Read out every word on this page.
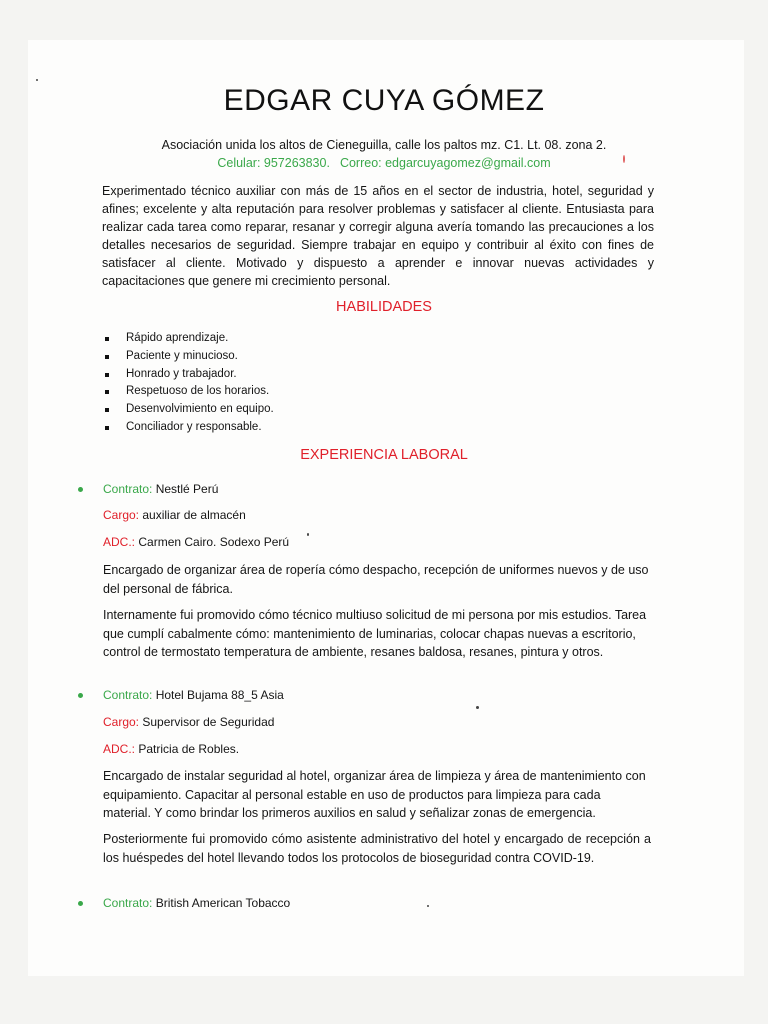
EDGAR CUYA GÓMEZ
Asociación unida los altos de Cieneguilla, calle los paltos mz. C1. Lt. 08. zona 2.
Celular: 957263830. Correo: edgarcuyagomez@gmail.com
Experimentado técnico auxiliar con más de 15 años en el sector de industria, hotel, seguridad y afines; excelente y alta reputación para resolver problemas y satisfacer al cliente. Entusiasta para realizar cada tarea como reparar, resanar y corregir alguna avería tomando las precauciones a los detalles necesarios de seguridad. Siempre trabajar en equipo y contribuir al éxito con fines de satisfacer al cliente. Motivado y dispuesto a aprender e innovar nuevas actividades y capacitaciones que genere mi crecimiento personal.
HABILIDADES
Rápido aprendizaje.
Paciente y minucioso.
Honrado y trabajador.
Respetuoso de los horarios.
Desenvolvimiento en equipo.
Conciliador y responsable.
EXPERIENCIA LABORAL
Contrato: Nestlé Perú
Cargo: auxiliar de almacén
ADC.: Carmen Cairo. Sodexo Perú
Encargado de organizar área de ropería cómo despacho, recepción de uniformes nuevos y de uso del personal de fábrica.
Internamente fui promovido cómo técnico multiuso solicitud de mi persona por mis estudios. Tarea que cumplí cabalmente cómo: mantenimiento de luminarias, colocar chapas nuevas a escritorio, control de termostato temperatura de ambiente, resanes baldosa, resanes, pintura y otros.
Contrato: Hotel Bujama 88_5 Asia
Cargo: Supervisor de Seguridad
ADC.: Patricia de Robles.
Encargado de instalar seguridad al hotel, organizar área de limpieza y área de mantenimiento con equipamiento. Capacitar al personal estable en uso de productos para limpieza para cada material. Y como brindar los primeros auxilios en salud y señalizar zonas de emergencia.
Posteriormente fui promovido cómo asistente administrativo del hotel y encargado de recepción a los huéspedes del hotel llevando todos los protocolos de bioseguridad contra COVID-19.
Contrato: British American Tobacco
